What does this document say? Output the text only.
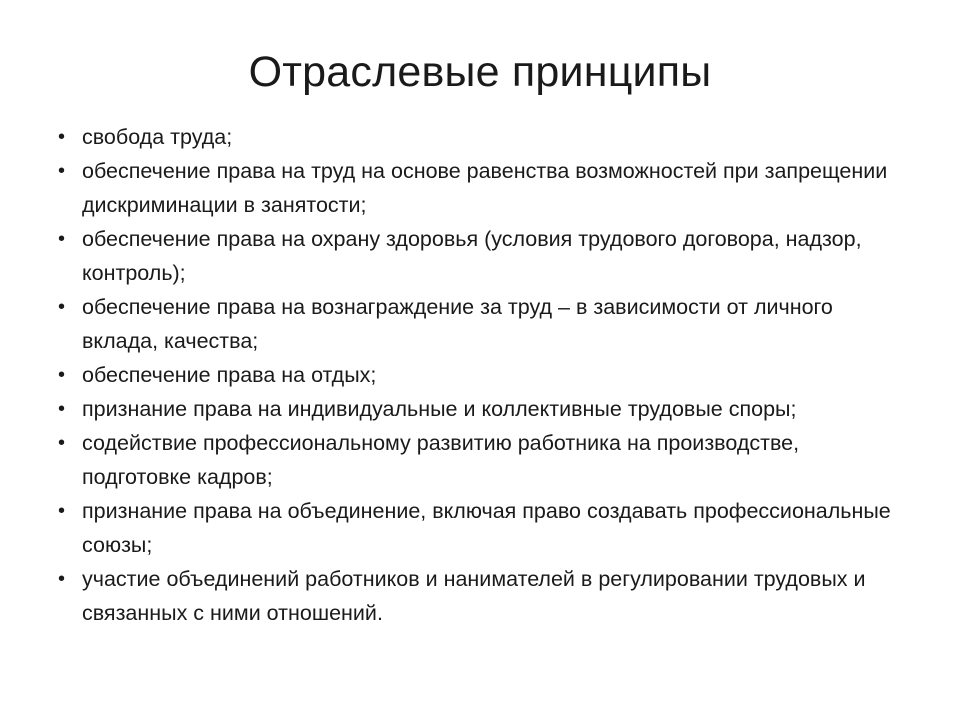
Отраслевые принципы
• свобода труда;
• обеспечение права на труд на основе равенства возможностей при запрещении дискриминации в занятости;
• обеспечение права на охрану здоровья (условия трудового договора, надзор, контроль);
• обеспечение права на вознаграждение за труд – в зависимости от личного вклада, качества;
• обеспечение права на отдых;
• признание права на индивидуальные и коллективные трудовые споры;
• содействие профессиональному развитию работника на производстве, подготовке кадров;
• признание права на объединение, включая право создавать профессиональные союзы;
• участие объединений работников и нанимателей в регулировании трудовых и связанных с ними отношений.
